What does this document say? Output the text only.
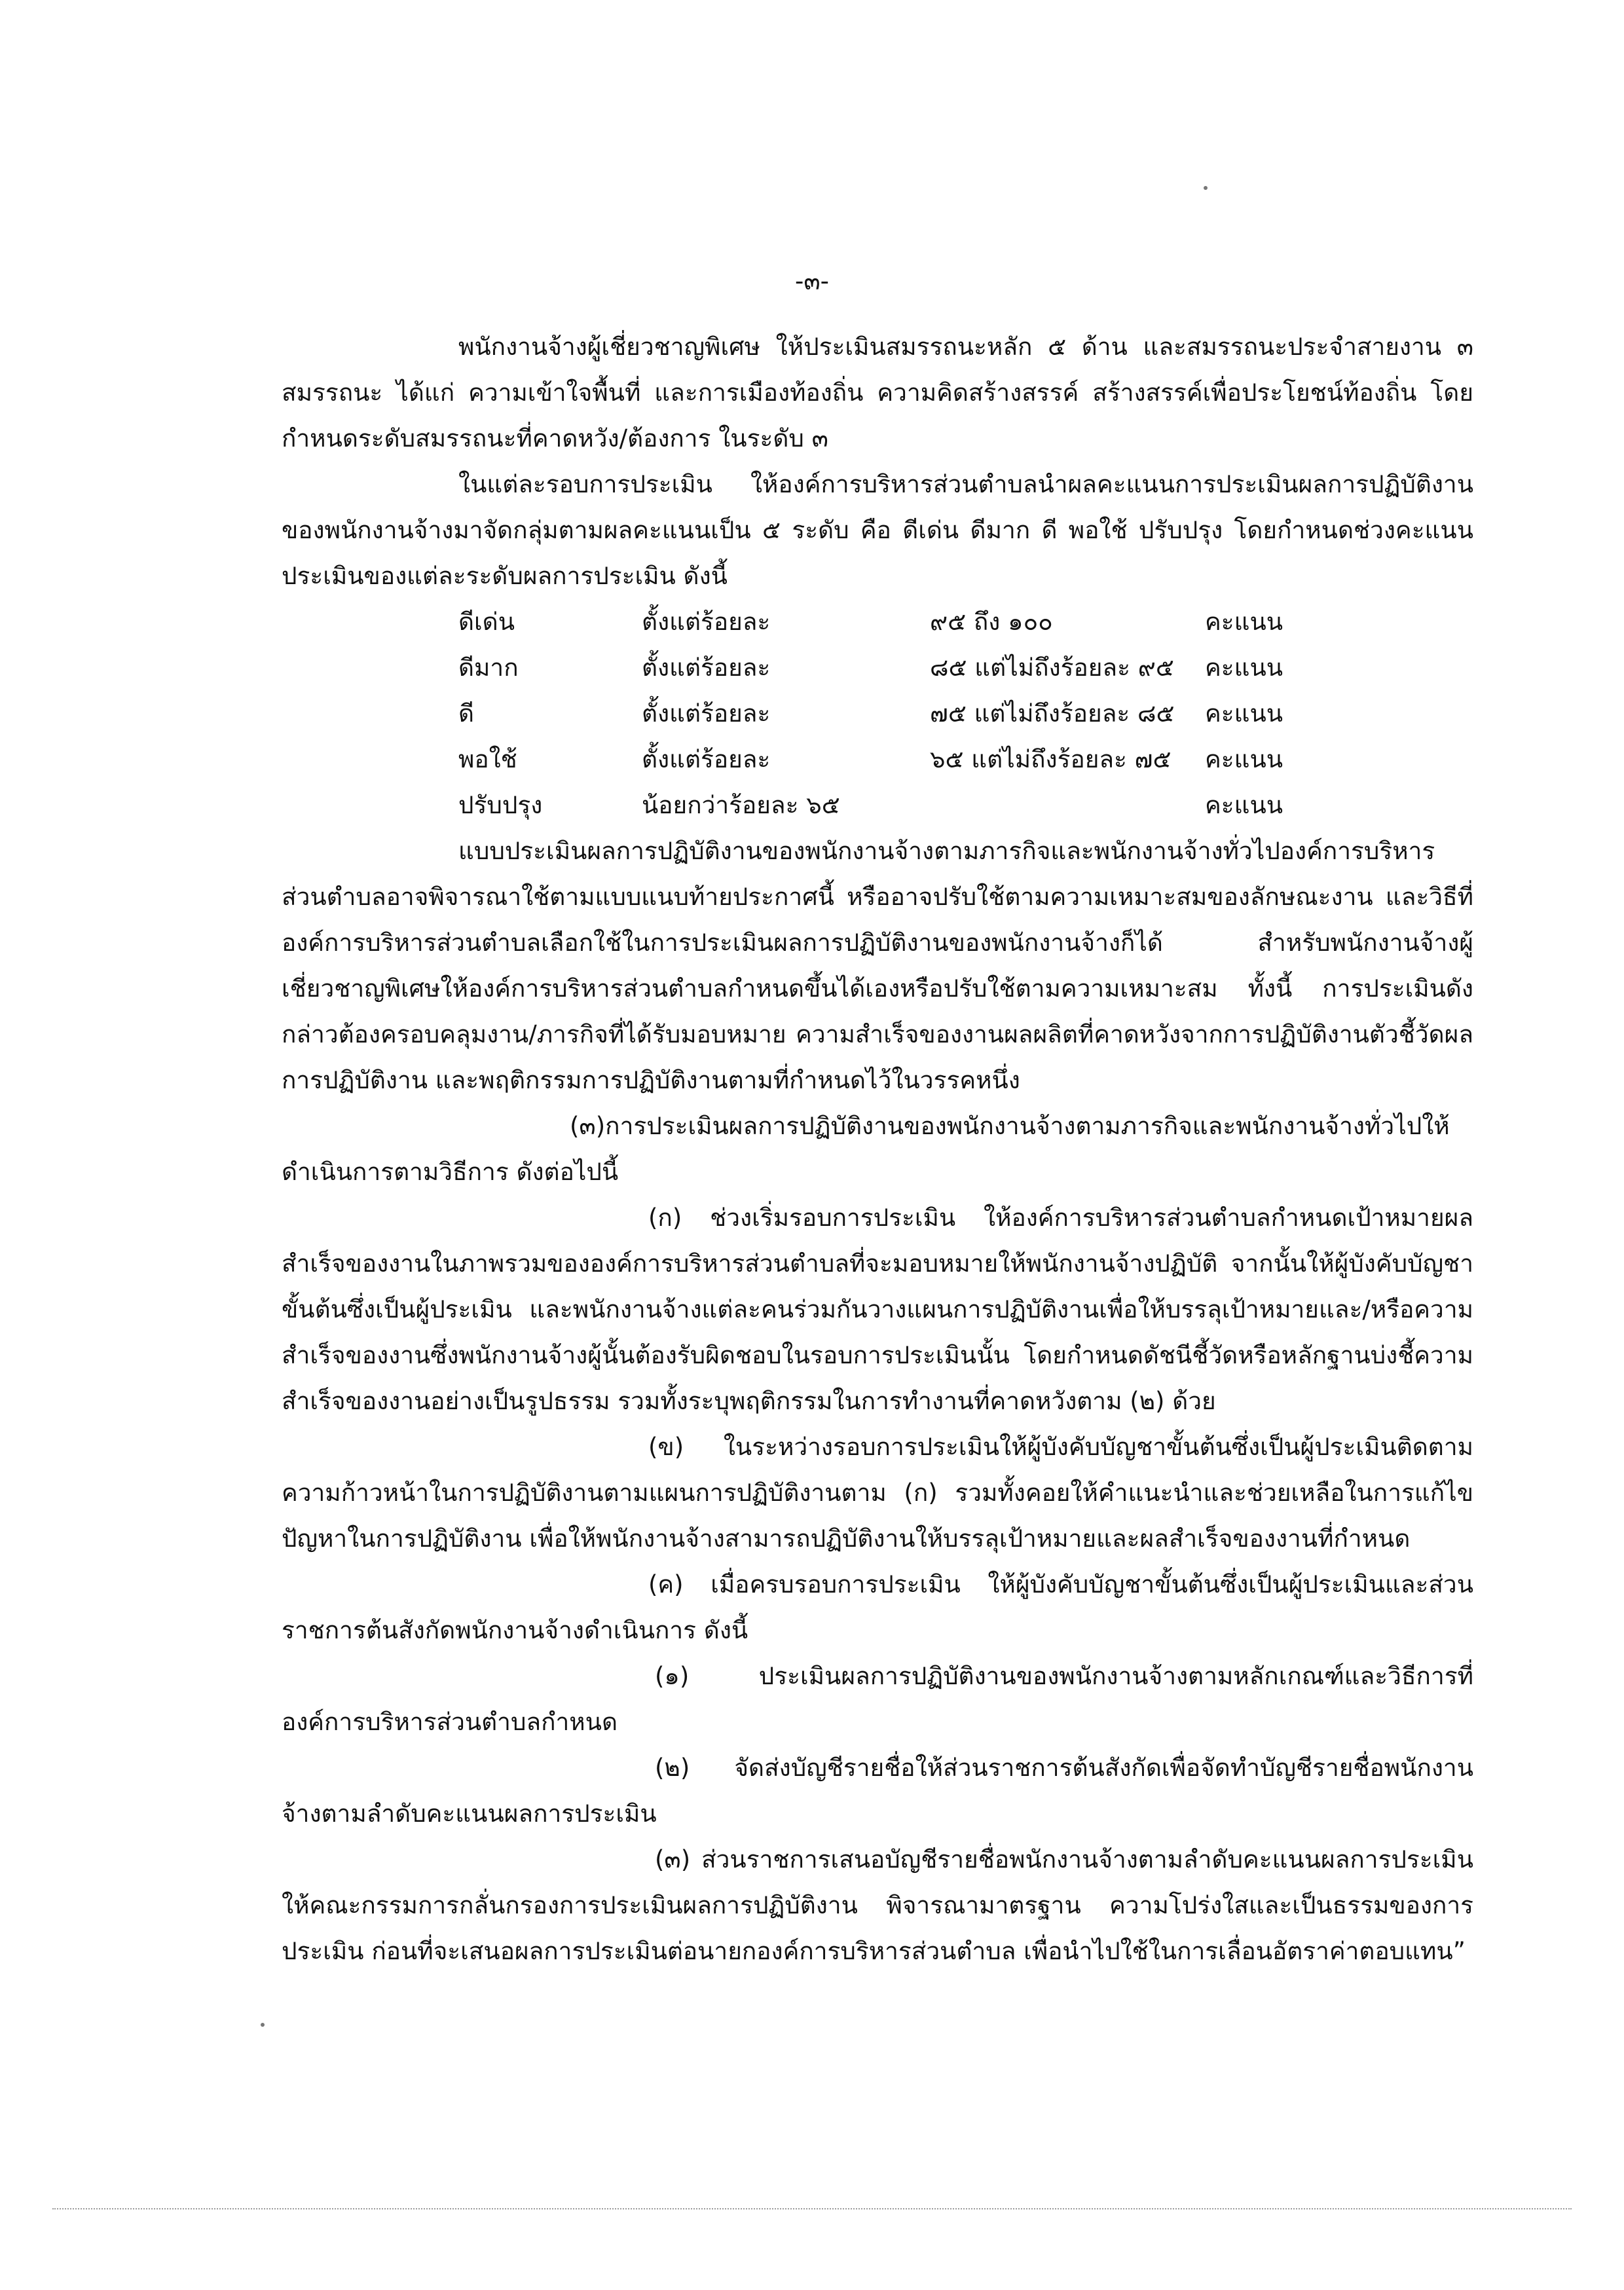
-๓-

พนักงานจ้างผู้เชี่ยวชาญพิเศษ ให้ประเมินสมรรถนะหลัก ๕ ด้าน และสมรรถนะประจำสายงาน ๓ สมรรถนะ ได้แก่ ความเข้าใจพื้นที่ และการเมืองท้องถิ่น ความคิดสร้างสรรค์ สร้างสรรค์เพื่อประโยชน์ท้องถิ่น โดยกำหนดระดับสมรรถนะที่คาดหวัง/ต้องการ ในระดับ ๓

ในแต่ละรอบการประเมิน ให้องค์การบริหารส่วนตำบลนำผลคะแนนการประเมินผลการปฏิบัติงานของพนักงานจ้างมาจัดกลุ่มตามผลคะแนนเป็น ๕ ระดับ คือ ดีเด่น ดีมาก ดี พอใช้ ปรับปรุง โดยกำหนดช่วงคะแนนประเมินของแต่ละระดับผลการประเมิน ดังนี้

ดีเด่น	ตั้งแต่ร้อยละ	๙๕ ถึง ๑๐๐	คะแนน
ดีมาก	ตั้งแต่ร้อยละ	๘๕ แต่ไม่ถึงร้อยละ ๙๕	คะแนน
ดี	ตั้งแต่ร้อยละ	๗๕ แต่ไม่ถึงร้อยละ ๘๕	คะแนน
พอใช้	ตั้งแต่ร้อยละ	๖๕ แต่ไม่ถึงร้อยละ ๗๕	คะแนน
ปรับปรุง	น้อยกว่าร้อยละ ๖๕		คะแนน

แบบประเมินผลการปฏิบัติงานของพนักงานจ้างตามภารกิจและพนักงานจ้างทั่วไปองค์การบริหารส่วนตำบลอาจพิจารณาใช้ตามแบบแนบท้ายประกาศนี้ หรืออาจปรับใช้ตามความเหมาะสมของลักษณะงาน และวิธีที่องค์การบริหารส่วนตำบลเลือกใช้ในการประเมินผลการปฏิบัติงานของพนักงานจ้างก็ได้ สำหรับพนักงานจ้างผู้เชี่ยวชาญพิเศษให้องค์การบริหารส่วนตำบลกำหนดขึ้นได้เองหรือปรับใช้ตามความเหมาะสม ทั้งนี้ การประเมินดังกล่าวต้องครอบคลุมงาน/ภารกิจที่ได้รับมอบหมาย ความสำเร็จของงานผลผลิตที่คาดหวังจากการปฏิบัติงานตัวชี้วัดผลการปฏิบัติงาน และพฤติกรรมการปฏิบัติงานตามที่กำหนดไว้ในวรรคหนึ่ง

(๓)การประเมินผลการปฏิบัติงานของพนักงานจ้างตามภารกิจและพนักงานจ้างทั่วไปให้ดำเนินการตามวิธีการ ดังต่อไปนี้

(ก) ช่วงเริ่มรอบการประเมิน ให้องค์การบริหารส่วนตำบลกำหนดเป้าหมายผลสำเร็จของงานในภาพรวมขององค์การบริหารส่วนตำบลที่จะมอบหมายให้พนักงานจ้างปฏิบัติ จากนั้นให้ผู้บังคับบัญชาขั้นต้นซึ่งเป็นผู้ประเมิน และพนักงานจ้างแต่ละคนร่วมกันวางแผนการปฏิบัติงานเพื่อให้บรรลุเป้าหมายและ/หรือความสำเร็จของงานซึ่งพนักงานจ้างผู้นั้นต้องรับผิดชอบในรอบการประเมินนั้น โดยกำหนดดัชนีชี้วัดหรือหลักฐานบ่งชี้ความสำเร็จของงานอย่างเป็นรูปธรรม รวมทั้งระบุพฤติกรรมในการทำงานที่คาดหวังตาม (๒) ด้วย

(ข) ในระหว่างรอบการประเมินให้ผู้บังคับบัญชาขั้นต้นซึ่งเป็นผู้ประเมินติดตามความก้าวหน้าในการปฏิบัติงานตามแผนการปฏิบัติงานตาม (ก) รวมทั้งคอยให้คำแนะนำและช่วยเหลือในการแก้ไขปัญหาในการปฏิบัติงาน เพื่อให้พนักงานจ้างสามารถปฏิบัติงานให้บรรลุเป้าหมายและผลสำเร็จของงานที่กำหนด

(ค) เมื่อครบรอบการประเมิน ให้ผู้บังคับบัญชาขั้นต้นซึ่งเป็นผู้ประเมินและส่วนราชการต้นสังกัดพนักงานจ้างดำเนินการ ดังนี้

(๑) ประเมินผลการปฏิบัติงานของพนักงานจ้างตามหลักเกณฑ์และวิธีการที่องค์การบริหารส่วนตำบลกำหนด

(๒) จัดส่งบัญชีรายชื่อให้ส่วนราชการต้นสังกัดเพื่อจัดทำบัญชีรายชื่อพนักงานจ้างตามลำดับคะแนนผลการประเมิน

(๓) ส่วนราชการเสนอบัญชีรายชื่อพนักงานจ้างตามลำดับคะแนนผลการประเมินให้คณะกรรมการกลั่นกรองการประเมินผลการปฏิบัติงาน พิจารณามาตรฐาน ความโปร่งใสและเป็นธรรมของการประเมิน ก่อนที่จะเสนอผลการประเมินต่อนายกองค์การบริหารส่วนตำบล เพื่อนำไปใช้ในการเลื่อนอัตราค่าตอบแทน”
